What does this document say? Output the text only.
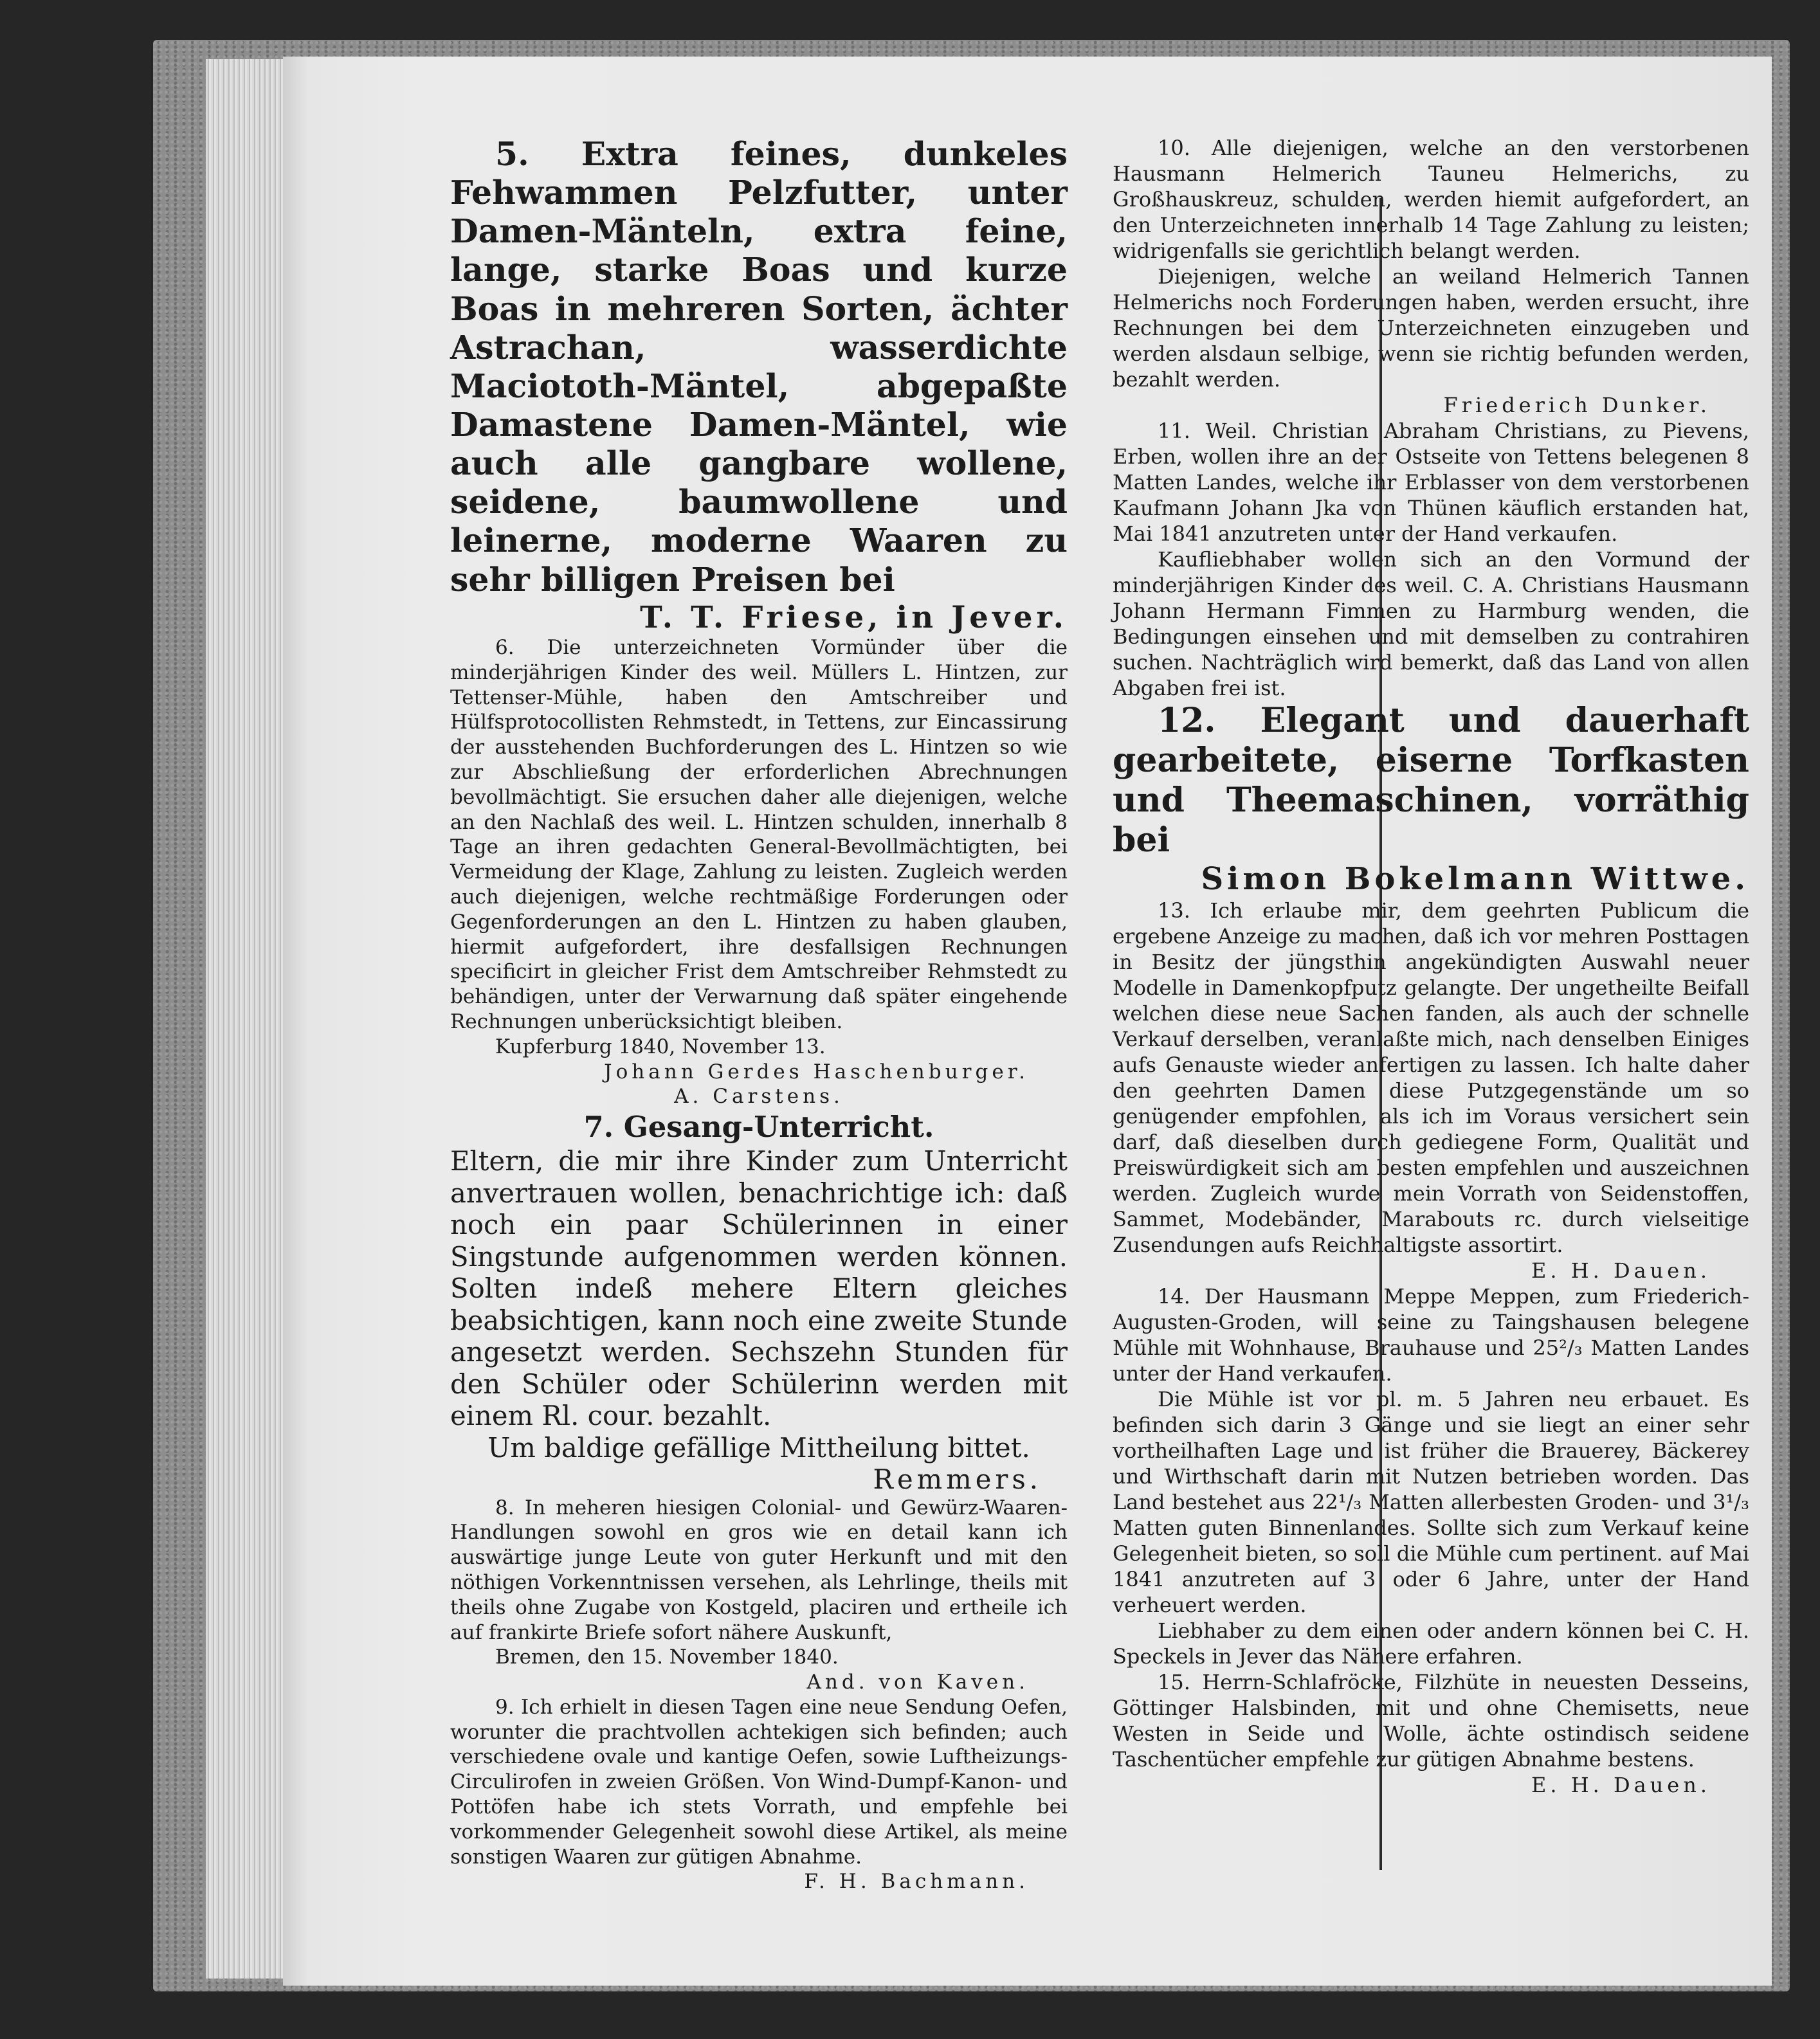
5. Extra feines, dunkeles Fehwammen Pelzfutter, unter Damen-Mänteln, extra feine, lange, starke Boas und kurze Boas in mehreren Sorten, ächter Astrachan, wasserdichte Maciototh-Mäntel, abgepaßte Damastene Damen-Mäntel, wie auch alle gangbare wollene, seidene, baumwollene und leinerne, moderne Waaren zu sehr billigen Preisen bei

T. T. Friese, in Jever.

6. Die unterzeichneten Vormünder über die minderjährigen Kinder des weil. Müllers L. Hintzen, zur Tettenser-Mühle, haben den Amtschreiber und Hülfsprotocollisten Rehmstedt, in Tettens, zur Eincassirung der ausstehenden Buchforderungen des L. Hintzen so wie zur Abschließung der erforderlichen Abrechnungen bevollmächtigt. Sie ersuchen daher alle diejenigen, welche an den Nachlaß des weil. L. Hintzen schulden, innerhalb 8 Tage an ihren gedachten General-Bevollmächtigten, bei Vermeidung der Klage, Zahlung zu leisten. Zugleich werden auch diejenigen, welche rechtmäßige Forderungen oder Gegenforderungen an den L. Hintzen zu haben glauben, hiermit aufgefordert, ihre desfallsigen Rechnungen specificirt in gleicher Frist dem Amtschreiber Rehmstedt zu behändigen, unter der Verwarnung daß später eingehende Rechnungen unberücksichtigt bleiben.

Kupferburg 1840, November 13.

Johann Gerdes Haschenburger.

A. Carstens.

7. Gesang-Unterricht.

Eltern, die mir ihre Kinder zum Unterricht anvertrauen wollen, benachrichtige ich: daß noch ein paar Schülerinnen in einer Singstunde aufgenommen werden können. Solten indeß mehere Eltern gleiches beabsichtigen, kann noch eine zweite Stunde angesetzt werden. Sechszehn Stunden für den Schüler oder Schülerinn werden mit einem Rl. cour. bezahlt.

Um baldige gefällige Mittheilung bittet.

Remmers.

8. In meheren hiesigen Colonial- und Gewürz-Waaren-Handlungen sowohl en gros wie en detail kann ich auswärtige junge Leute von guter Herkunft und mit den nöthigen Vorkenntnissen versehen, als Lehrlinge, theils mit theils ohne Zugabe von Kostgeld, placiren und ertheile ich auf frankirte Briefe sofort nähere Auskunft,

Bremen, den 15. November 1840.

And. von Kaven.

9. Ich erhielt in diesen Tagen eine neue Sendung Oefen, worunter die prachtvollen achtekigen sich befinden; auch verschiedene ovale und kantige Oefen, sowie Luftheizungs-Circulirofen in zweien Größen. Von Wind-Dumpf-Kanon- und Pottöfen habe ich stets Vorrath, und empfehle bei vorkommender Gelegenheit sowohl diese Artikel, als meine sonstigen Waaren zur gütigen Abnahme.

F. H. Bachmann.

10. Alle diejenigen, welche an den verstorbenen Hausmann Helmerich Tauneu Helmerichs, zu Großhauskreuz, schulden, werden hiemit aufgefordert, an den Unterzeichneten innerhalb 14 Tage Zahlung zu leisten; widrigenfalls sie gerichtlich belangt werden.

Diejenigen, welche an weiland Helmerich Tannen Helmerichs noch Forderungen haben, werden ersucht, ihre Rechnungen bei dem Unterzeichneten einzugeben und werden alsdaun selbige, wenn sie richtig befunden werden, bezahlt werden.

Friederich Dunker.

11. Weil. Christian Abraham Christians, zu Pievens, Erben, wollen ihre an der Ostseite von Tettens belegenen 8 Matten Landes, welche ihr Erblasser von dem verstorbenen Kaufmann Johann Jka von Thünen käuflich erstanden hat, Mai 1841 anzutreten unter der Hand verkaufen.

Kaufliebhaber wollen sich an den Vormund der minderjährigen Kinder des weil. C. A. Christians Hausmann Johann Hermann Fimmen zu Harmburg wenden, die Bedingungen einsehen und mit demselben zu contrahiren suchen. Nachträglich wird bemerkt, daß das Land von allen Abgaben frei ist.

12. Elegant und dauerhaft gearbeitete, eiserne Torfkasten und Theemaschinen, vorräthig bei

Simon Bokelmann Wittwe.

13. Ich erlaube mir, dem geehrten Publicum die ergebene Anzeige zu machen, daß ich vor mehren Posttagen in Besitz der jüngsthin angekündigten Auswahl neuer Modelle in Damenkopfputz gelangte. Der ungetheilte Beifall welchen diese neue Sachen fanden, als auch der schnelle Verkauf derselben, veranlaßte mich, nach denselben Einiges aufs Genauste wieder anfertigen zu lassen. Ich halte daher den geehrten Damen diese Putzgegenstände um so genügender empfohlen, als ich im Voraus versichert sein darf, daß dieselben durch gediegene Form, Qualität und Preiswürdigkeit sich am besten empfehlen und auszeichnen werden. Zugleich wurde mein Vorrath von Seidenstoffen, Sammet, Modebänder, Marabouts rc. durch vielseitige Zusendungen aufs Reichhaltigste assortirt.

E. H. Dauen.

14. Der Hausmann Meppe Meppen, zum Friederich-Augusten-Groden, will seine zu Taingshausen belegene Mühle mit Wohnhause, Brauhause und 25²/₃ Matten Landes unter der Hand verkaufen.

Die Mühle ist vor pl. m. 5 Jahren neu erbauet. Es befinden sich darin 3 Gänge und sie liegt an einer sehr vortheilhaften Lage und ist früher die Brauerey, Bäckerey und Wirthschaft darin mit Nutzen betrieben worden. Das Land bestehet aus 22¹/₃ Matten allerbesten Groden- und 3¹/₃ Matten guten Binnenlandes. Sollte sich zum Verkauf keine Gelegenheit bieten, so soll die Mühle cum pertinent. auf Mai 1841 anzutreten auf 3 oder 6 Jahre, unter der Hand verheuert werden.

Liebhaber zu dem einen oder andern können bei C. H. Speckels in Jever das Nähere erfahren.

15. Herrn-Schlafröcke, Filzhüte in neuesten Desseins, Göttinger Halsbinden, mit und ohne Chemisetts, neue Westen in Seide und Wolle, ächte ostindisch seidene Taschentücher empfehle zur gütigen Abnahme bestens.

E. H. Dauen.
